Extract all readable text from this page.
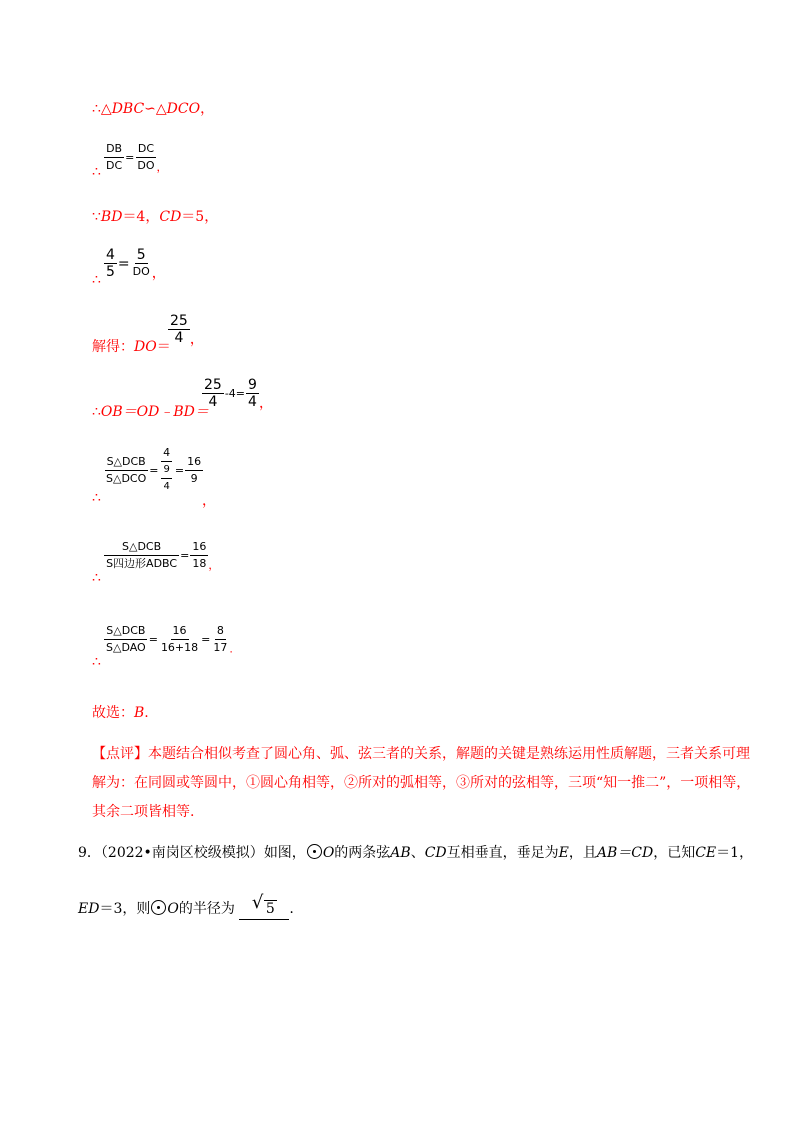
∴△DBC∽△DCO，
∴ $\frac{DB}{DC} = \frac{DC}{DO}$ ，
∵BD＝4，CD＝5，
∴
$\frac{4}{5} = \frac{5}{DO}$ ，
解得：DO＝
$\frac{25}{4}$ ，
∴OB＝OD﹣BD＝
$\frac{25}{4} -4= \frac{9}{4}$ ，
∴
$\frac{\text{S△DCB}}{\text{S△DCO}} = \frac{4}{\frac{9}{4}} = \frac{16}{9}$
，
∴
$\frac{\text{S△DCB}}{\text{S四边形ADBC}} = \frac{16}{18}$ ，
∴
$\frac{\text{S△DCB}}{\text{S△DAO}} = \frac{16}{16+18} = \frac{8}{17}$ .
故选：B.
【点评】本题结合相似考查了圆心角、弧、弦三者的关系，解题的关键是熟练运用性质解题，三者关系可理解为：在同圆或等圆中，①圆心角相等，②所对的弧相等，③所对的弦相等，三项“知一推二”，一项相等，其余二项皆相等.
9．（2022•南岗区校级模拟）如图， O的两条弦AB、CD互相垂直，垂足为E，且AB＝CD，已知CE＝1，ED＝3，则 O的半径为 √ 5 .
